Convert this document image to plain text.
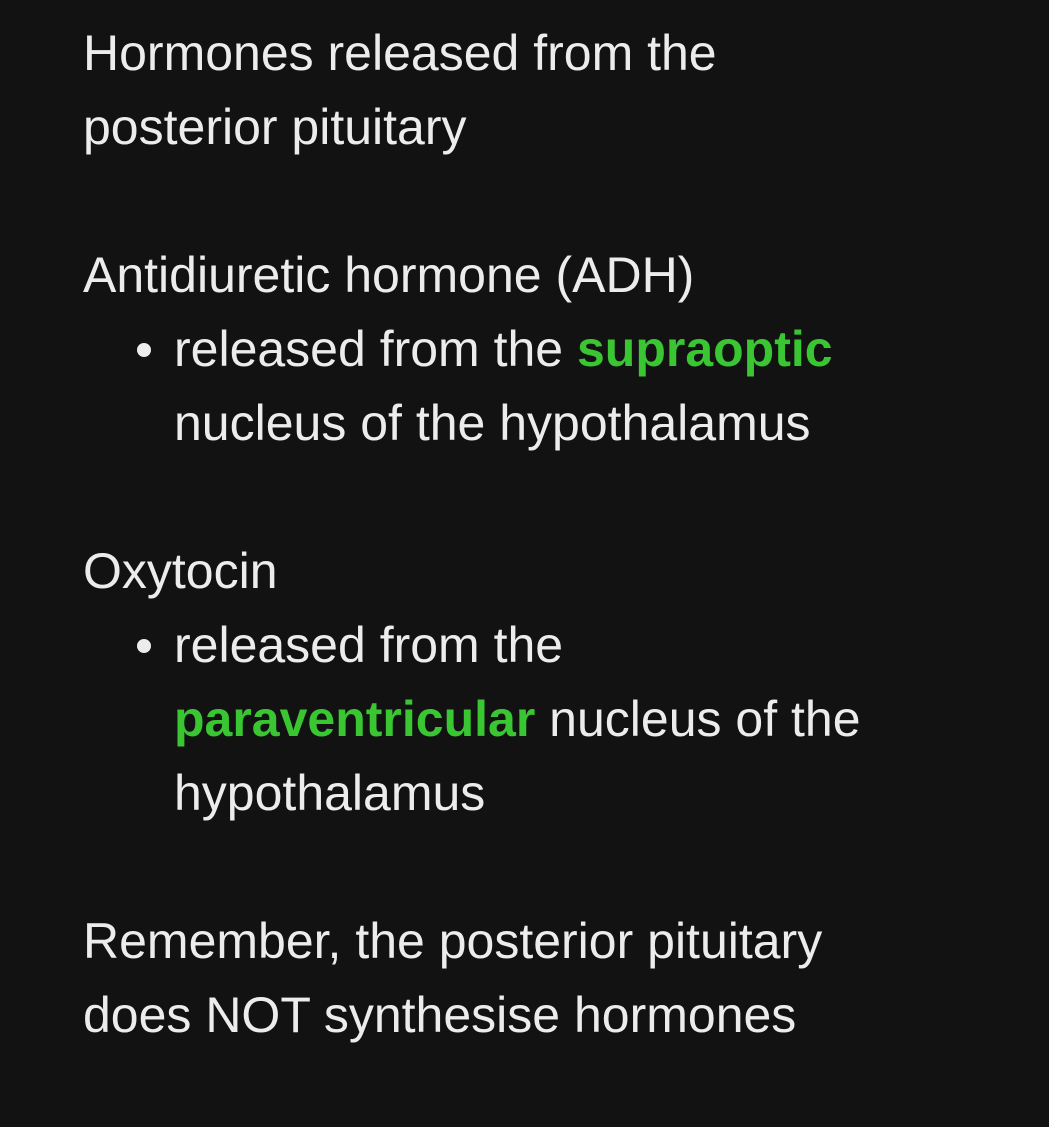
Hormones released from the
posterior pituitary

Antidiuretic hormone (ADH)
released from the supraoptic
nucleus of the hypothalamus
Oxytocin
released from the
paraventricular nucleus of the
hypothalamus

Remember, the posterior pituitary
does NOT synthesise hormones
